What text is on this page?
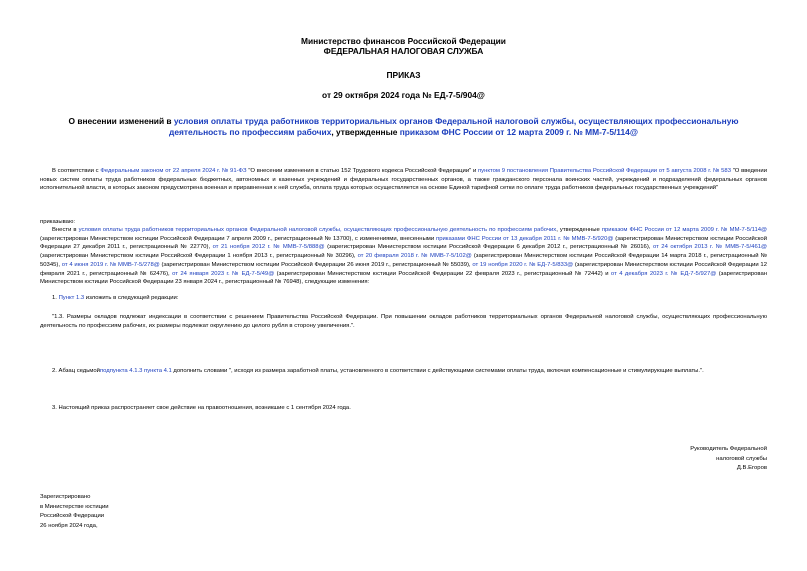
Министерство финансов Российской Федерации
ФЕДЕРАЛЬНАЯ НАЛОГОВАЯ СЛУЖБА
ПРИКАЗ
от 29 октября 2024 года № ЕД-7-5/904@
О внесении изменений в условия оплаты труда работников территориальных органов Федеральной налоговой службы, осуществляющих профессиональную деятельность по профессиям рабочих, утвержденные приказом ФНС России от 12 марта 2009 г. № ММ-7-5/114@
В соответствии с Федеральным законом от 22 апреля 2024 г. № 91-ФЗ "О внесении изменения в статью 152 Трудового кодекса Российской Федерации" и пунктом 9 постановления Правительства Российской Федерации от 5 августа 2008 г. № 583 "О введении новых систем оплаты труда работников федеральных бюджетных, автономных и казенных учреждений и федеральных государственных органов, а также гражданского персонала воинских частей, учреждений и подразделений федеральных органов исполнительной власти, в которых законом предусмотрена военная и приравненная к ней служба, оплата труда которых осуществляется на основе Единой тарифной сетки по оплате труда работников федеральных государственных учреждений"
приказываю:
Внести в условия оплаты труда работников территориальных органов Федеральной налоговой службы, осуществляющих профессиональную деятельность по профессиям рабочих, утвержденные приказом ФНС России от 12 марта 2009 г. № ММ-7-5/114@ (зарегистрирован Министерством юстиции Российской Федерации 7 апреля 2009 г., регистрационный № 13700), с изменениями, внесенными приказами ФНС России от 13 декабря 2011 г. № ММВ-7-5/920@ (зарегистрирован Министерством юстиции Российской Федерации 27 декабря 2011 г., регистрационный № 22770), от 21 ноября 2012 г. № ММВ-7-5/888@ (зарегистрирован Министерством юстиции Российской Федерации 6 декабря 2012 г., регистрационный № 26016), от 24 октября 2013 г. № ММВ-7-5/461@ (зарегистрирован Министерством юстиции Российской Федерации 1 ноября 2013 г., регистрационный № 30296), от 20 февраля 2018 г. № ММВ-7-5/102@ (зарегистрирован Министерством юстиции Российской Федерации 14 марта 2018 г., регистрационный № 50345), от 4 июня 2019 г. № ММВ-7-5/278@ (зарегистрирован Министерством юстиции Российской Федерации 26 июня 2019 г., регистрационный № 55039), от 19 ноября 2020 г. № ЕД-7-5/833@ (зарегистрирован Министерством юстиции Российской Федерации 12 февраля 2021 г., регистрационный № 62476), от 24 января 2023 г. № ЕД-7-5/49@ (зарегистрирован Министерством юстиции Российской Федерации 22 февраля 2023 г., регистрационный № 72442) и от 4 декабря 2023 г. № ЕД-7-5/927@ (зарегистрирован Министерством юстиции Российской Федерации 23 января 2024 г., регистрационный № 76948), следующие изменения:
1. Пункт 1.3 изложить в следующей редакции:
"1.3. Размеры окладов подлежат индексации в соответствии с решением Правительства Российской Федерации. При повышении окладов работников территориальных органов Федеральной налоговой службы, осуществляющих профессиональную деятельность по профессиям рабочих, их размеры подлежат округлению до целого рубля в сторону увеличения.".
2. Абзац седьмойподпункта 4.1.3 пункта 4.1 дополнить словами ", исходя из размера заработной платы, установленного в соответствии с действующими системами оплаты труда, включая компенсационные и стимулирующие выплаты.".
3. Настоящий приказ распространяет свое действие на правоотношения, возникшие с 1 сентября 2024 года.
Руководитель Федеральной
налоговой службы
Д.В.Егоров
Зарегистрировано
в Министерстве юстиции
Российской Федерации
26 ноября 2024 года,
